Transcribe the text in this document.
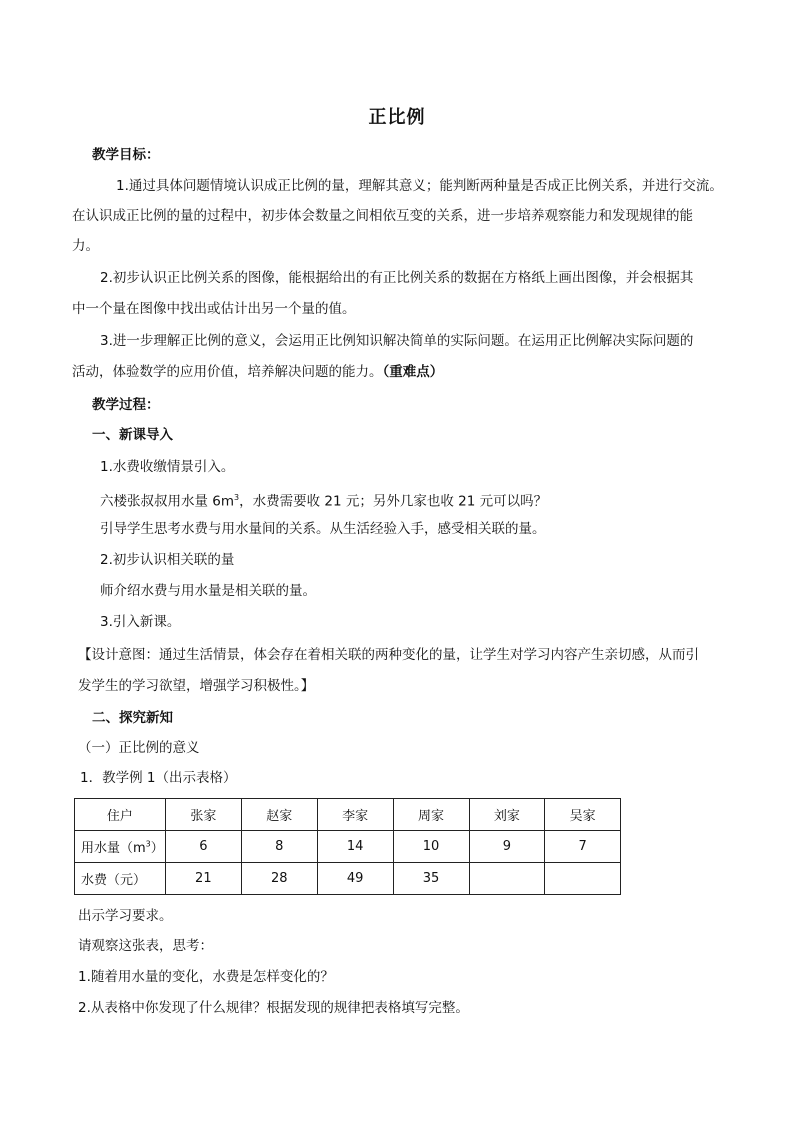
正比例
教学目标：
1.通过具体问题情境认识成正比例的量，理解其意义；能判断两种量是否成正比例关系，并进行交流。
在认识成正比例的量的过程中，初步体会数量之间相依互变的关系，进一步培养观察能力和发现规律的能
力。
2.初步认识正比例关系的图像，能根据给出的有正比例关系的数据在方格纸上画出图像，并会根据其
中一个量在图像中找出或估计出另一个量的值。
3.进一步理解正比例的意义，会运用正比例知识解决简单的实际问题。在运用正比例解决实际问题的
活动，体验数学的应用价值，培养解决问题的能力。（重难点）
教学过程：
一、新课导入
1.水费收缴情景引入。
六楼张叔叔用水量 $6m^3$，水费需要收 21 元；另外几家也收 21 元可以吗？
引导学生思考水费与用水量间的关系。从生活经验入手，感受相关联的量。
2.初步认识相关联的量
师介绍水费与用水量是相关联的量。
3.引入新课。
【设计意图：通过生活情景，体会存在着相关联的两种变化的量，让学生对学习内容产生亲切感，从而引
发学生的学习欲望，增强学习积极性。】
二、探究新知
（一）正比例的意义
1．教学例 1（出示表格）
住户	张家	赵家	李家	周家	刘家	吴家
用水量$(m^3)$	6	8	14	10	9	7
水费（元）	21	28	49	35		
出示学习要求。
请观察这张表，思考：
1.随着用水量的变化，水费是怎样变化的？
2.从表格中你发现了什么规律？根据发现的规律把表格填写完整。
